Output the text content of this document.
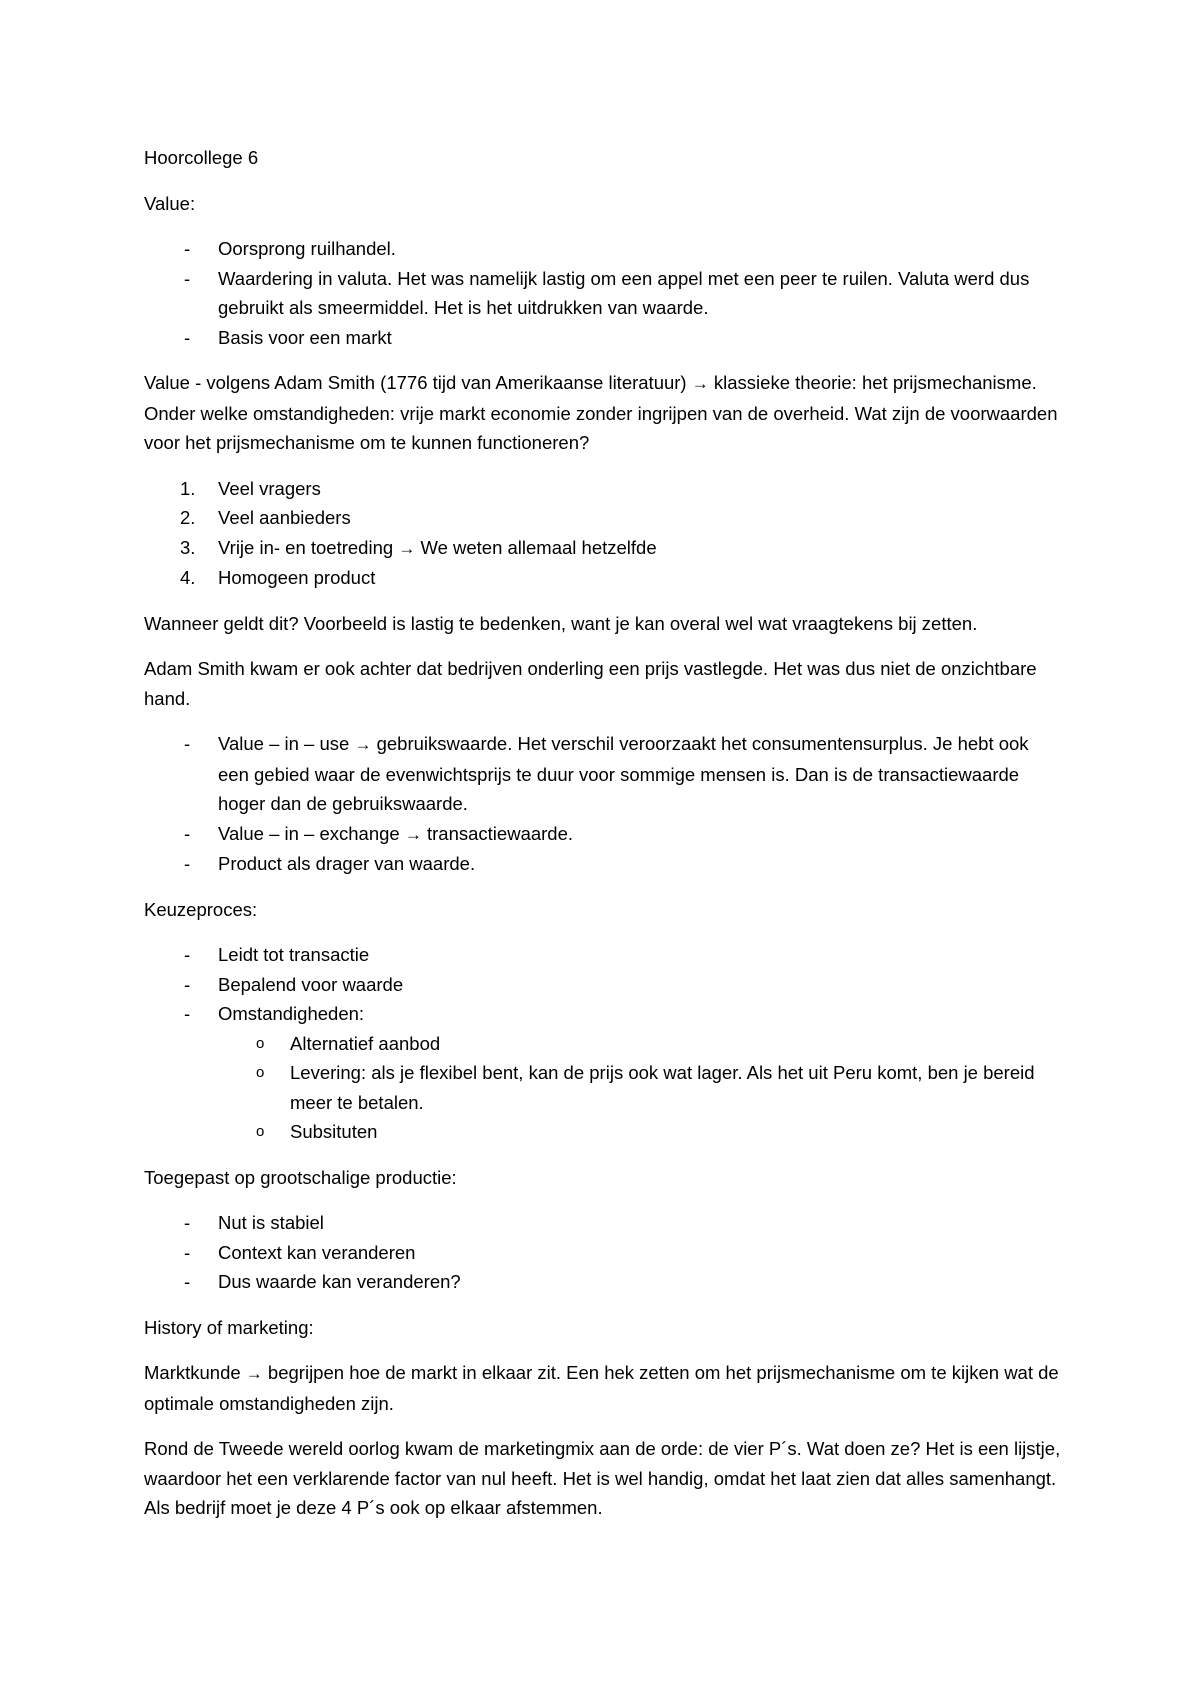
Hoorcollege 6

Value:

- Oorsprong ruilhandel.
- Waardering in valuta. Het was namelijk lastig om een appel met een peer te ruilen. Valuta werd dus gebruikt als smeermiddel. Het is het uitdrukken van waarde.
- Basis voor een markt

Value - volgens Adam Smith (1776 tijd van Amerikaanse literatuur) → klassieke theorie: het prijsmechanisme. Onder welke omstandigheden: vrije markt economie zonder ingrijpen van de overheid. Wat zijn de voorwaarden voor het prijsmechanisme om te kunnen functioneren?

1. Veel vragers
2. Veel aanbieders
3. Vrije in- en toetreding → We weten allemaal hetzelfde
4. Homogeen product

Wanneer geldt dit? Voorbeeld is lastig te bedenken, want je kan overal wel wat vraagtekens bij zetten.

Adam Smith kwam er ook achter dat bedrijven onderling een prijs vastlegde. Het was dus niet de onzichtbare hand.

- Value – in – use → gebruikswaarde. Het verschil veroorzaakt het consumentensurplus. Je hebt ook een gebied waar de evenwichtsprijs te duur voor sommige mensen is. Dan is de transactiewaarde hoger dan de gebruikswaarde.
- Value – in – exchange → transactiewaarde.
- Product als drager van waarde.

Keuzeproces:

- Leidt tot transactie
- Bepalend voor waarde
- Omstandigheden:
o Alternatief aanbod
o Levering: als je flexibel bent, kan de prijs ook wat lager. Als het uit Peru komt, ben je bereid meer te betalen.
o Subsituten

Toegepast op grootschalige productie:

- Nut is stabiel
- Context kan veranderen
- Dus waarde kan veranderen?

History of marketing:

Marktkunde → begrijpen hoe de markt in elkaar zit. Een hek zetten om het prijsmechanisme om te kijken wat de optimale omstandigheden zijn.

Rond de Tweede wereld oorlog kwam de marketingmix aan de orde: de vier P´s. Wat doen ze? Het is een lijstje, waardoor het een verklarende factor van nul heeft. Het is wel handig, omdat het laat zien dat alles samenhangt. Als bedrijf moet je deze 4 P´s ook op elkaar afstemmen.
